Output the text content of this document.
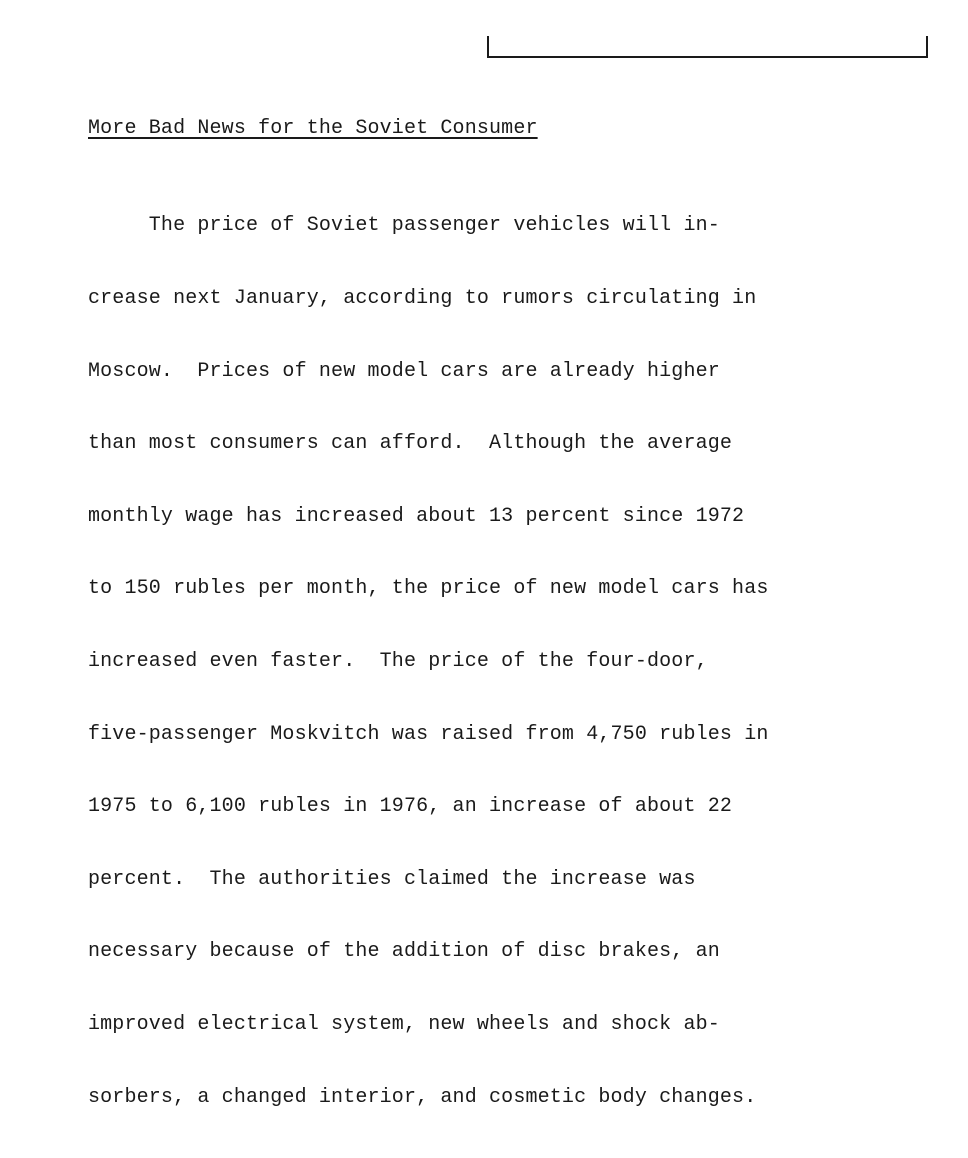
More Bad News for the Soviet Consumer

The price of Soviet passenger vehicles will in-

crease next January, according to rumors circulating in

Moscow.  Prices of new model cars are already higher

than most consumers can afford.  Although the average

monthly wage has increased about 13 percent since 1972

to 150 rubles per month, the price of new model cars has

increased even faster.  The price of the four-door,

five-passenger Moskvitch was raised from 4,750 rubles in

1975 to 6,100 rubles in 1976, an increase of about 22

percent.  The authorities claimed the increase was

necessary because of the addition of disc brakes, an

improved electrical system, new wheels and shock ab-

sorbers, a changed interior, and cosmetic body changes.
